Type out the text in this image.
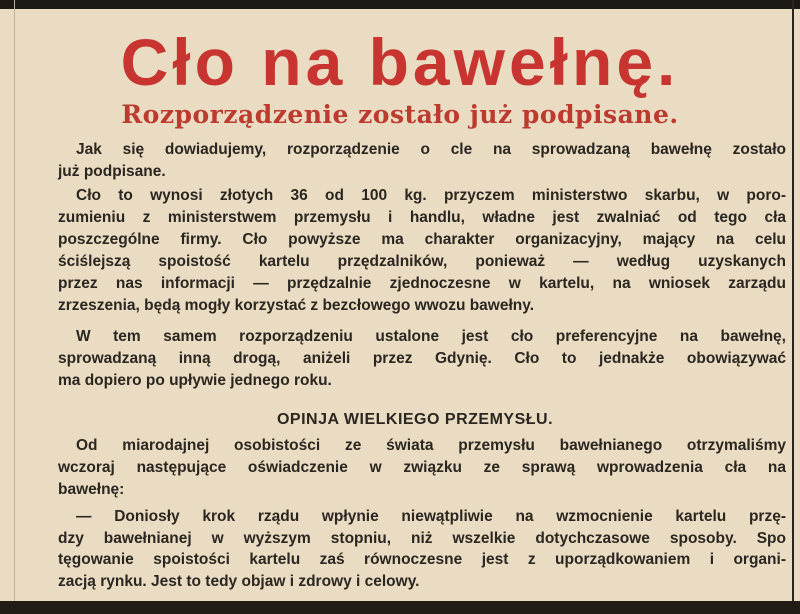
Cło na bawełnę.
Rozporządzenie zostało już podpisane.
Jak się dowiadujemy, rozporządzenie o cle na sprowadzaną bawełnę zostało
już podpisane.
Cło to wynosi złotych 36 od 100 kg. przyczem ministerstwo skarbu, w poro-
zumieniu z ministerstwem przemysłu i handlu, władne jest zwalniać od tego cła
poszczególne firmy. Cło powyższe ma charakter organizacyjny, mający na celu
ściślejszą spoistość kartelu przędzalników, ponieważ — według uzyskanych
przez nas informacji — przędzalnie zjednoczesne w kartelu, na wniosek zarządu
zrzeszenia, będą mogły korzystać z bezcłowego wwozu bawełny.
W tem samem rozporządzeniu ustalone jest cło preferencyjne na bawełnę,
sprowadzaną inną drogą, aniżeli przez Gdynię. Cło to jednakże obowiązywać
ma dopiero po upływie jednego roku.
OPINJA WIELKIEGO PRZEMYSŁU.
Od miarodajnej osobistości ze świata przemysłu bawełnianego otrzymaliśmy
wczoraj następujące oświadczenie w związku ze sprawą wprowadzenia cła na
bawełnę:
— Doniosły krok rządu wpłynie niewątpliwie na wzmocnienie kartelu przę-
dzy bawełnianej w wyższym stopniu, niż wszelkie dotychczasowe sposoby. Spo
tęgowanie spoistości kartelu zaś równoczesne jest z uporządkowaniem i organi-
zacją rynku. Jest to tedy objaw i zdrowy i celowy.
